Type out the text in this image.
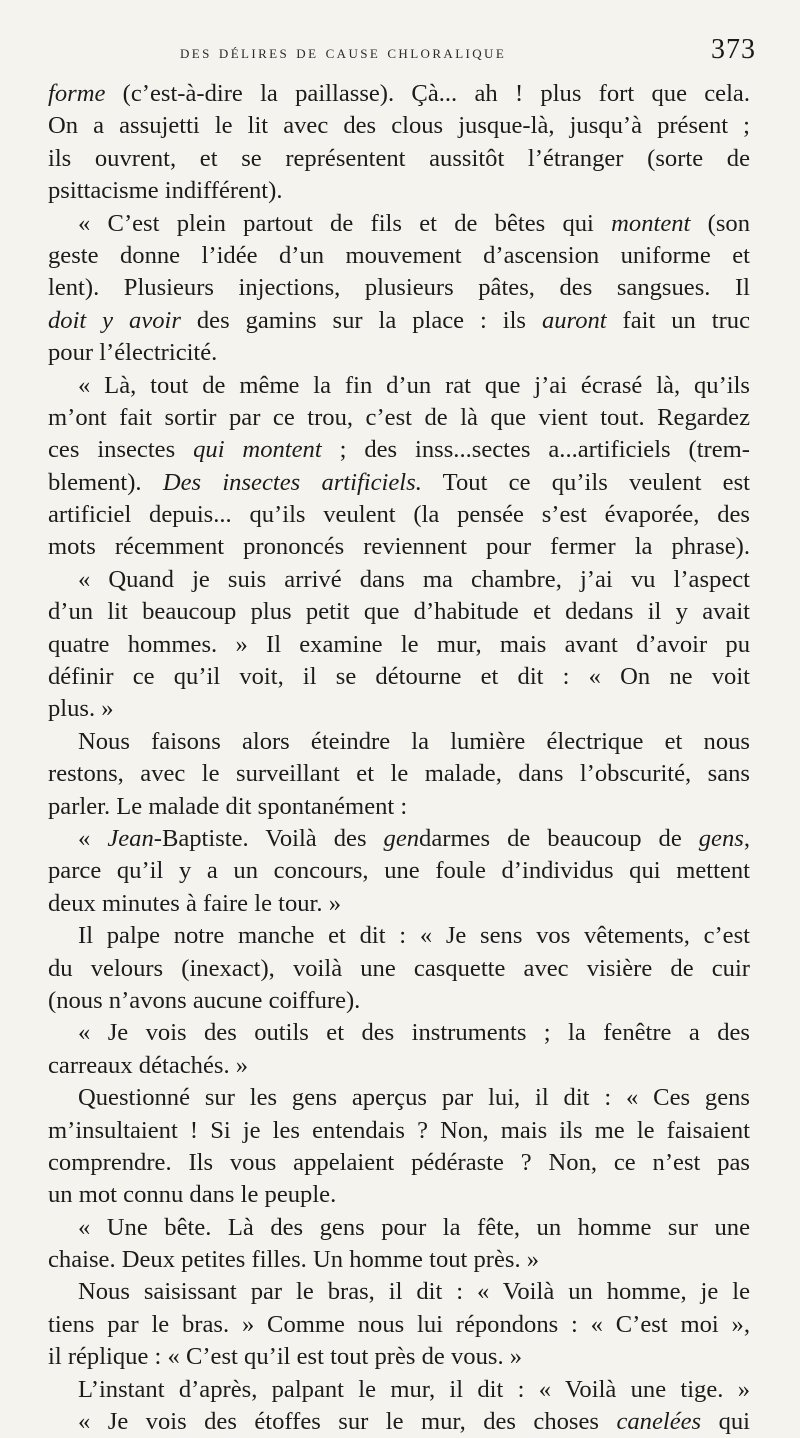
des délires de cause chloralique	373
forme (c’est-à-dire la paillasse). Çà... ah ! plus fort que cela.
On a assujetti le lit avec des clous jusque-là, jusqu’à présent ;
ils ouvrent, et se représentent aussitôt l’étranger (sorte de
psittacisme indifférent).
« C’est plein partout de fils et de bêtes qui montent (son
geste donne l’idée d’un mouvement d’ascension uniforme et
lent). Plusieurs injections, plusieurs pâtes, des sangsues. Il
doit y avoir des gamins sur la place : ils auront fait un truc
pour l’électricité.
« Là, tout de même la fin d’un rat que j’ai écrasé là, qu’ils
m’ont fait sortir par ce trou, c’est de là que vient tout. Regardez
ces insectes qui montent ; des inss...sectes a...artificiels (trem-
blement). Des insectes artificiels. Tout ce qu’ils veulent est
artificiel depuis... qu’ils veulent (la pensée s’est évaporée, des
mots récemment prononcés reviennent pour fermer la phrase).
« Quand je suis arrivé dans ma chambre, j’ai vu l’aspect
d’un lit beaucoup plus petit que d’habitude et dedans il y avait
quatre hommes. » Il examine le mur, mais avant d’avoir pu
définir ce qu’il voit, il se détourne et dit : « On ne voit
plus. »
Nous faisons alors éteindre la lumière électrique et nous
restons, avec le surveillant et le malade, dans l’obscurité, sans
parler. Le malade dit spontanément :
« Jean-Baptiste. Voilà des gendarmes de beaucoup de gens,
parce qu’il y a un concours, une foule d’individus qui mettent
deux minutes à faire le tour. »
Il palpe notre manche et dit : « Je sens vos vêtements, c’est
du velours (inexact), voilà une casquette avec visière de cuir
(nous n’avons aucune coiffure).
« Je vois des outils et des instruments ; la fenêtre a des
carreaux détachés. »
Questionné sur les gens aperçus par lui, il dit : « Ces gens
m’insultaient ! Si je les entendais ? Non, mais ils me le faisaient
comprendre. Ils vous appelaient pédéraste ? Non, ce n’est pas
un mot connu dans le peuple.
« Une bête. Là des gens pour la fête, un homme sur une
chaise. Deux petites filles. Un homme tout près. »
Nous saisissant par le bras, il dit : « Voilà un homme, je le
tiens par le bras. » Comme nous lui répondons : « C’est moi »,
il réplique : « C’est qu’il est tout près de vous. »
L’instant d’après, palpant le mur, il dit : « Voilà une tige. »
« Je vois des étoffes sur le mur, des choses canelées qui
